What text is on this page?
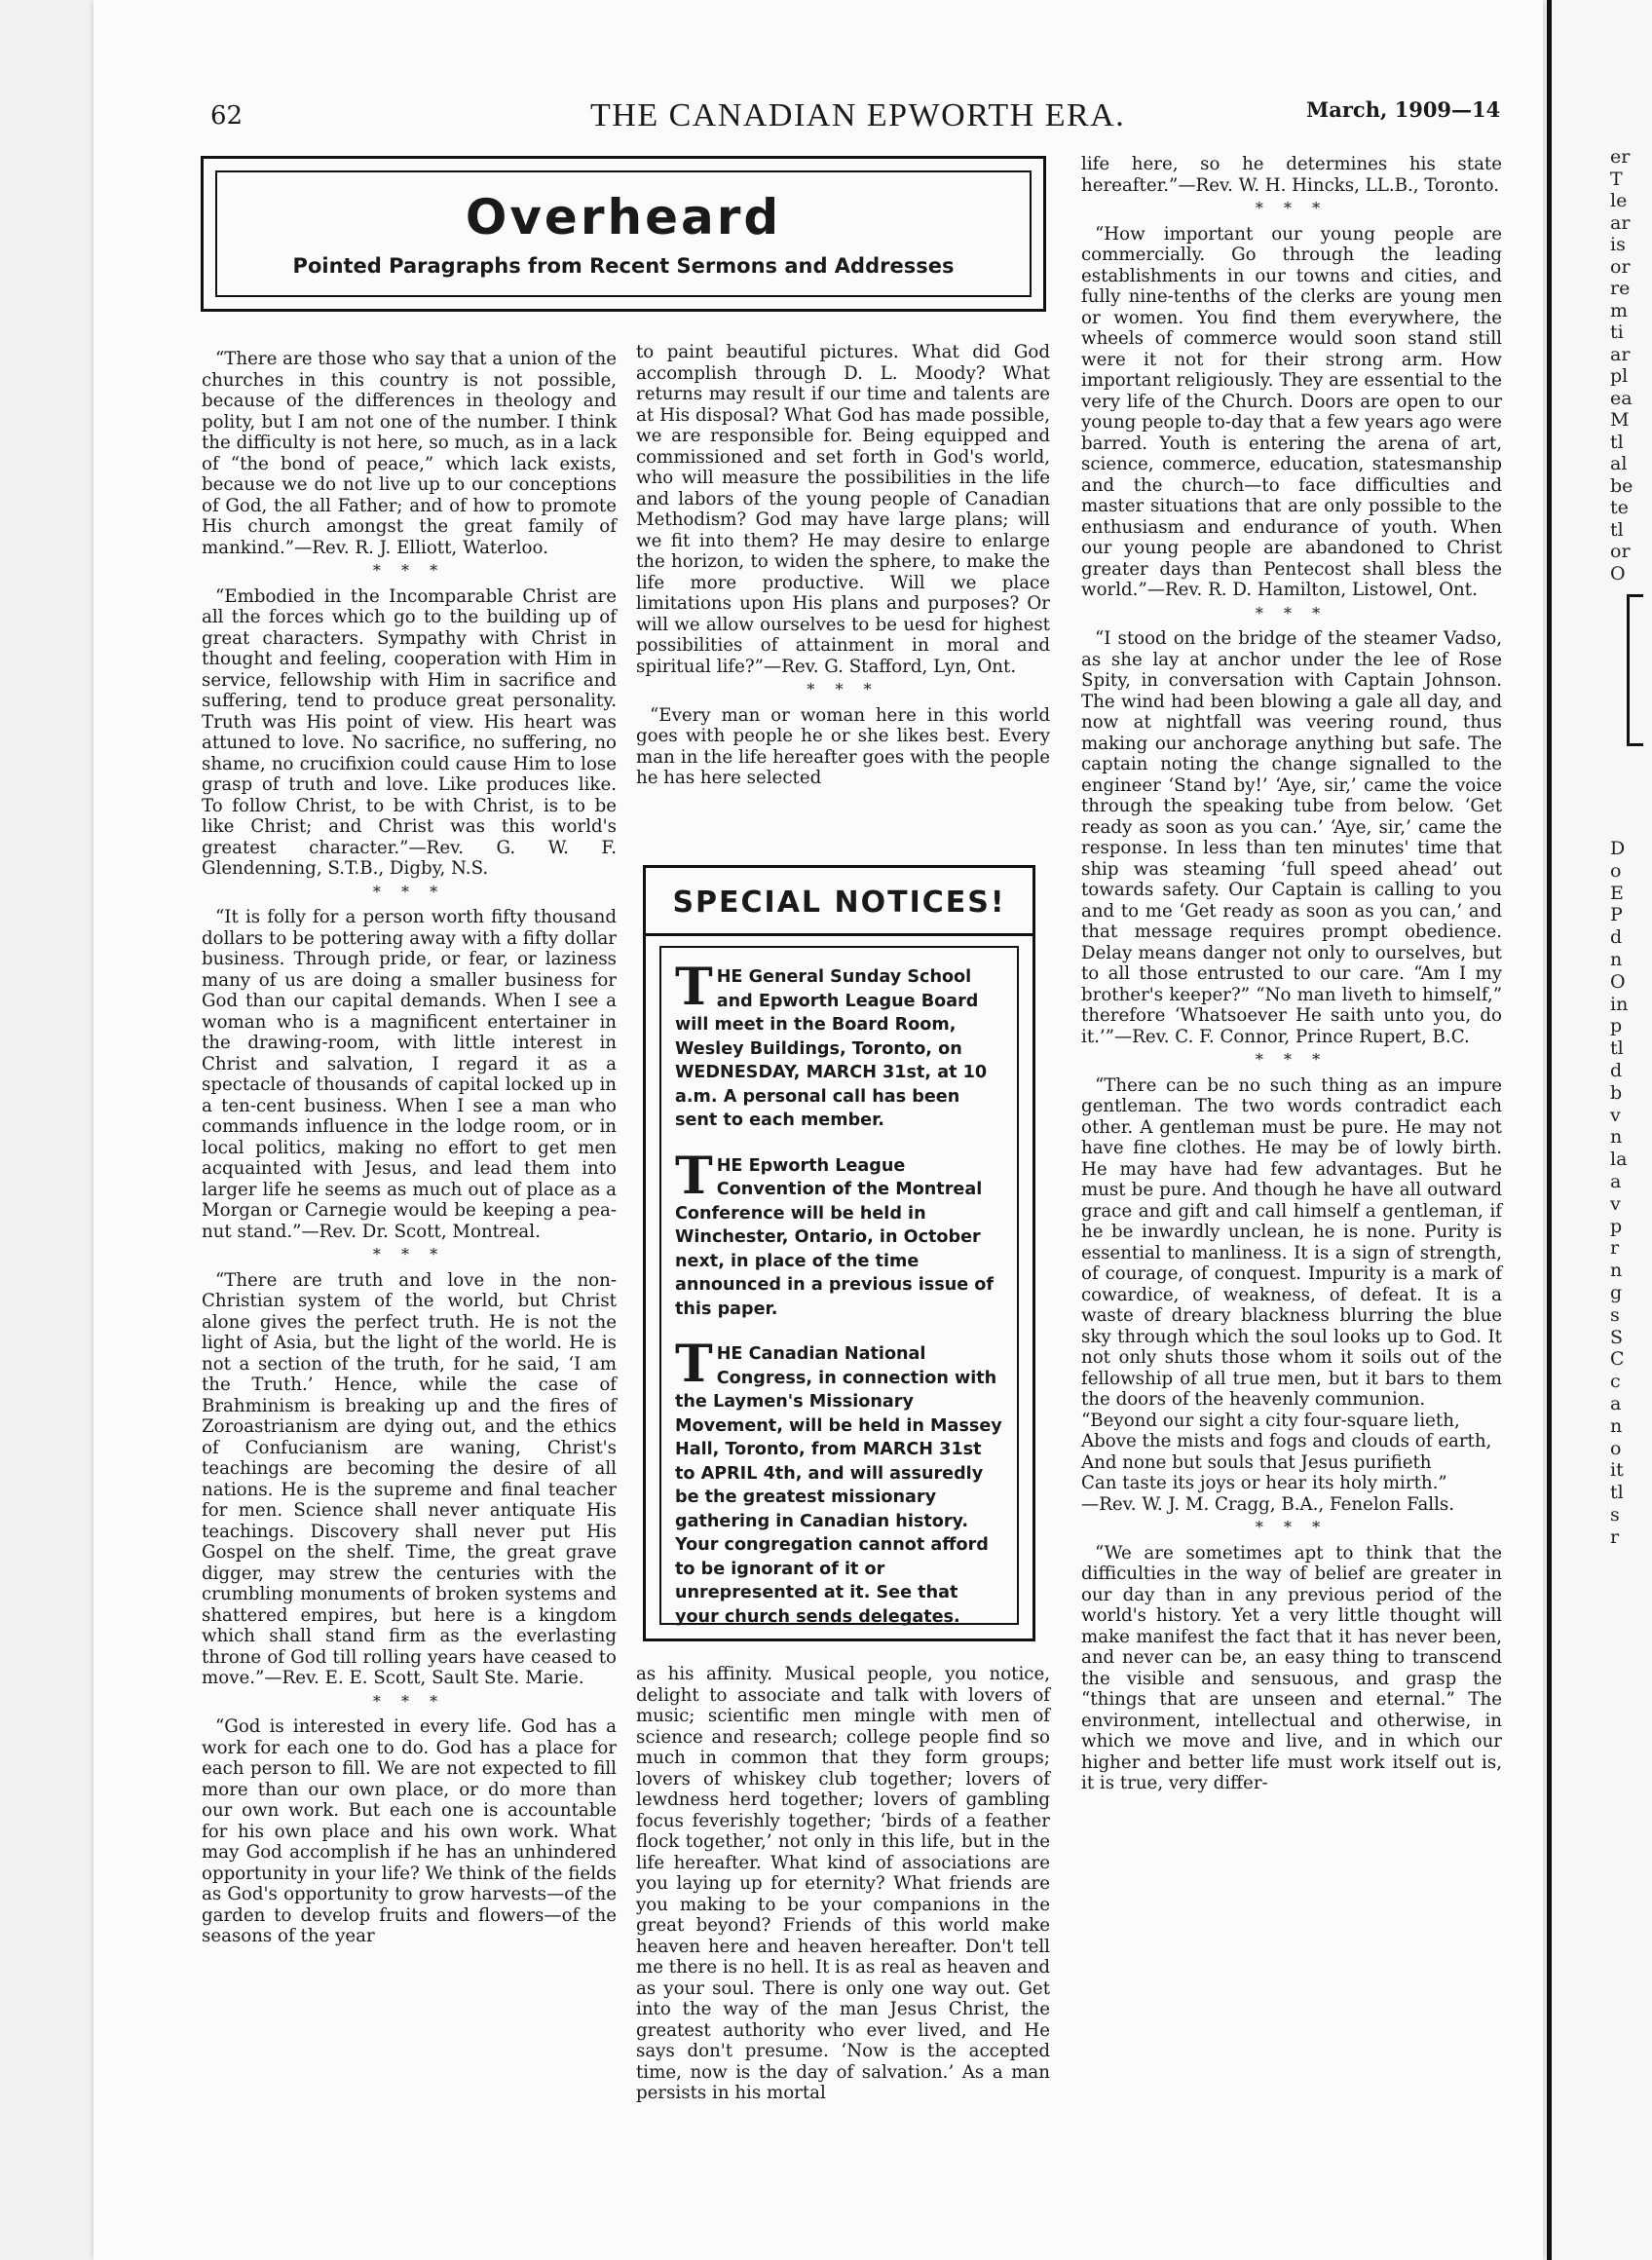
62	THE CANADIAN EPWORTH ERA.	March, 1909—14
Overheard
Pointed Paragraphs from Recent Sermons and Addresses

“There are those who say that a union of the churches in this country is not possible, because of the differences in theology and polity, but I am not one of the number. I think the difficulty is not here, so much, as in a lack of “the bond of peace,” which lack exists, because we do not live up to our conceptions of God, the all Father; and of how to promote His church amongst the great family of mankind.”—Rev. R. J. Elliott, Waterloo.

* * *

“Embodied in the Incomparable Christ are all the forces which go to the building up of great characters. Sympathy with Christ in thought and feeling, cooperation with Him in service, fellowship with Him in sacrifice and suffering, tend to produce great personality. Truth was His point of view. His heart was attuned to love. No sacrifice, no suffering, no shame, no crucifixion could cause Him to lose grasp of truth and love. Like produces like. To follow Christ, to be with Christ, is to be like Christ; and Christ was this world's greatest character.”—Rev. G. W. F. Glendenning, S.T.B., Digby, N.S.

* * *

“It is folly for a person worth fifty thousand dollars to be pottering away with a fifty dollar business. Through pride, or fear, or laziness many of us are doing a smaller business for God than our capital demands. When I see a woman who is a magnificent entertainer in the drawing-room, with little interest in Christ and salvation, I regard it as a spectacle of thousands of capital locked up in a ten-cent business. When I see a man who commands influence in the lodge room, or in local politics, making no effort to get men acquainted with Jesus, and lead them into larger life he seems as much out of place as a Morgan or Carnegie would be keeping a pea-nut stand.”—Rev. Dr. Scott, Montreal.

* * *

“There are truth and love in the non-Christian system of the world, but Christ alone gives the perfect truth. He is not the light of Asia, but the light of the world. He is not a section of the truth, for he said, ‘I am the Truth.’ Hence, while the case of Brahminism is breaking up and the fires of Zoroastrianism are dying out, and the ethics of Confucianism are waning, Christ's teachings are becoming the desire of all nations. He is the supreme and final teacher for men. Science shall never antiquate His teachings. Discovery shall never put His Gospel on the shelf. Time, the great grave digger, may strew the centuries with the crumbling monuments of broken systems and shattered empires, but here is a kingdom which shall stand firm as the everlasting throne of God till rolling years have ceased to move.”—Rev. E. E. Scott, Sault Ste. Marie.

* * *

“God is interested in every life. God has a work for each one to do. God has a place for each person to fill. We are not expected to fill more than our own place, or do more than our own work. But each one is accountable for his own place and his own work. What may God accomplish if he has an unhindered opportunity in your life? We think of the fields as God's opportunity to grow harvests—of the garden to develop fruits and flowers—of the seasons of the year

to paint beautiful pictures. What did God accomplish through D. L. Moody? What returns may result if our time and talents are at His disposal? What God has made possible, we are responsible for. Being equipped and commissioned and set forth in God's world, who will measure the possibilities in the life and labors of the young people of Canadian Methodism? God may have large plans; will we fit into them? He may desire to enlarge the horizon, to widen the sphere, to make the life more productive. Will we place limitations upon His plans and purposes? Or will we allow ourselves to be uesd for highest possibilities of attainment in moral and spiritual life?”—Rev. G. Stafford, Lyn, Ont.

* * *

“Every man or woman here in this world goes with people he or she likes best. Every man in the life hereafter goes with the people he has here selected

SPECIAL NOTICES!
T HE General Sunday School and Epworth League Board will meet in the Board Room, Wesley Buildings, Toronto, on WEDNESDAY, MARCH 31st, at 10 a.m. A personal call has been sent to each member.
T HE Epworth League Convention of the Montreal Conference will be held in Winchester, Ontario, in October next, in place of the time announced in a previous issue of this paper.
T HE Canadian National Congress, in connection with the Laymen's Missionary Movement, will be held in Massey Hall, Toronto, from MARCH 31st to APRIL 4th, and will assuredly be the greatest missionary gathering in Canadian history. Your congregation cannot afford to be ignorant of it or unrepresented at it. See that your church sends delegates.

as his affinity. Musical people, you notice, delight to associate and talk with lovers of music; scientific men mingle with men of science and research; college people find so much in common that they form groups; lovers of whiskey club together; lovers of lewdness herd together; lovers of gambling focus feverishly together; ‘birds of a feather flock together,’ not only in this life, but in the life hereafter. What kind of associations are you laying up for eternity? What friends are you making to be your companions in the great beyond? Friends of this world make heaven here and heaven hereafter. Don't tell me there is no hell. It is as real as heaven and as your soul. There is only one way out. Get into the way of the man Jesus Christ, the greatest authority who ever lived, and He says don't presume. ‘Now is the accepted time, now is the day of salvation.’ As a man persists in his mortal

life here, so he determines his state hereafter.”—Rev. W. H. Hincks, LL.B., Toronto.

* * *

“How important our young people are commercially. Go through the leading establishments in our towns and cities, and fully nine-tenths of the clerks are young men or women. You find them everywhere, the wheels of commerce would soon stand still were it not for their strong arm. How important religiously. They are essential to the very life of the Church. Doors are open to our young people to-day that a few years ago were barred. Youth is entering the arena of art, science, commerce, education, statesmanship and the church—to face difficulties and master situations that are only possible to the enthusiasm and endurance of youth. When our young people are abandoned to Christ greater days than Pentecost shall bless the world.”—Rev. R. D. Hamilton, Listowel, Ont.

* * *

“I stood on the bridge of the steamer Vadso, as she lay at anchor under the lee of Rose Spity, in conversation with Captain Johnson. The wind had been blowing a gale all day, and now at nightfall was veering round, thus making our anchorage anything but safe. The captain noting the change signalled to the engineer ‘Stand by!’ ‘Aye, sir,’ came the voice through the speaking tube from below. ‘Get ready as soon as you can.’ ‘Aye, sir,’ came the response. In less than ten minutes' time that ship was steaming ‘full speed ahead’ out towards safety. Our Captain is calling to you and to me ‘Get ready as soon as you can,’ and that message requires prompt obedience. Delay means danger not only to ourselves, but to all those entrusted to our care. “Am I my brother's keeper?” “No man liveth to himself,” therefore ‘Whatsoever He saith unto you, do it.’”—Rev. C. F. Connor, Prince Rupert, B.C.

* * *

“There can be no such thing as an impure gentleman. The two words contradict each other. A gentleman must be pure. He may not have fine clothes. He may be of lowly birth. He may have had few advantages. But he must be pure. And though he have all outward grace and gift and call himself a gentleman, if he be inwardly unclean, he is none. Purity is essential to manliness. It is a sign of strength, of courage, of conquest. Impurity is a mark of cowardice, of weakness, of defeat. It is a waste of dreary blackness blurring the blue sky through which the soul looks up to God. It not only shuts those whom it soils out of the fellowship of all true men, but it bars to them the doors of the heavenly communion.

“Beyond our sight a city four-square lieth,
Above the mists and fogs and clouds of earth,
And none but souls that Jesus purifieth
Can taste its joys or hear its holy mirth.”
—Rev. W. J. M. Cragg, B.A., Fenelon Falls.
* * *

“We are sometimes apt to think that the difficulties in the way of belief are greater in our day than in any previous period of the world's history. Yet a very little thought will make manifest the fact that it has never been, and never can be, an easy thing to transcend the visible and sensuous, and grasp the “things that are unseen and eternal.” The environment, intellectual and otherwise, in which we move and live, and in which our higher and better life must work itself out is, it is true, very differ-

er
T
le
ar
is
or
re
m
ti
ar
pl
ea
M
tl
al
be
te
tl
or
O
D
o
E
P
d
n
O
in
p
tl
d
b
v
n
la
a
v
p
r
n
g
s
S
C
c
a
n
o
it
tl
s
r
